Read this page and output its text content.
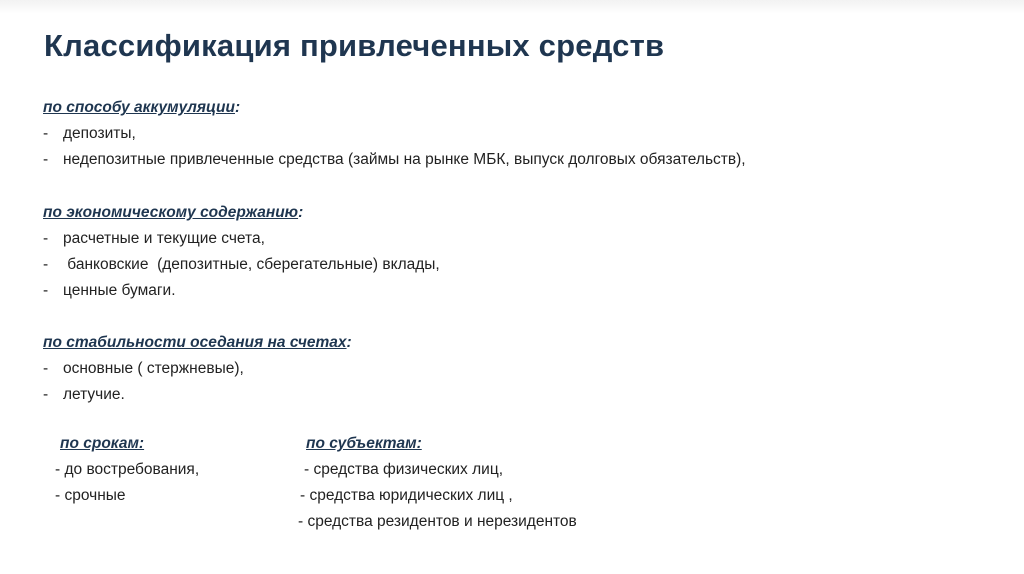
Классификация привлеченных средств
по способу аккумуляции:
- депозиты,
- недепозитные привлеченные средства (займы на рынке МБК, выпуск долговых обязательств),
по экономическому содержанию:
- расчетные и текущие счета,
- банковские  (депозитные, сберегательные) вклады,
- ценные бумаги.
по стабильности оседания на счетах:
- основные ( стержневые),
- летучие.
по срокам:
- до востребования,
- срочные
по субъектам:
- средства физических лиц,
- средства юридических лиц ,
- средства резидентов и нерезидентов
